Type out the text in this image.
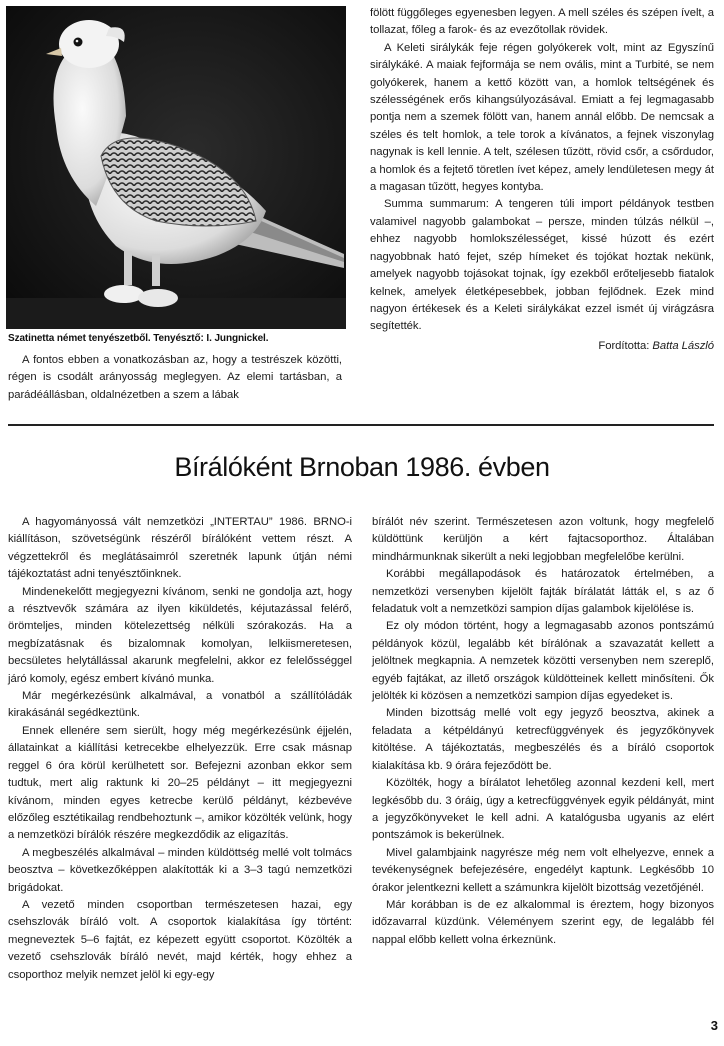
Szatinetta német tenyészetből. Tenyésztő: I. Jungnickel.

A fontos ebben a vonatkozásban az, hogy a testrészek közötti, régen is csodált arányosság meglegyen. Az elemi tartásban, a parádéállásban, oldalnézetben a szem a lábak

fölött függőleges egyenesben legyen. A mell széles és szépen ívelt, a tollazat, főleg a farok- és az evezőtollak rövidek.

A Keleti sirálykák feje régen golyókerek volt, mint az Egyszínű sirálykáké. A maiak fejformája se nem ovális, mint a Turbité, se nem golyókerek, hanem a kettő között van, a homlok teltségének és szélességének erős kihangsúlyozásával. Emiatt a fej legmagasabb pontja nem a szemek fölött van, hanem annál előbb. De nemcsak a széles és telt homlok, a tele torok a kívánatos, a fejnek viszonylag nagynak is kell lennie. A telt, szélesen tűzött, rövid csőr, a csőrdudor, a homlok és a fejtető töretlen ívet képez, amely lendületesen megy át a magasan tűzött, hegyes kontyba.

Summa summarum: A tengeren túli import példányok testben valamivel nagyobb galambokat – persze, minden túlzás nélkül –, ehhez nagyobb homlokszélességet, kissé húzott és ezért nagyobbnak ható fejet, szép hímeket és tojókat hoztak nekünk, amelyek nagyobb tojásokat tojnak, így ezekből erőteljesebb fiatalok kelnek, amelyek életképesebbek, jobban fejlődnek. Ezek mind nagyon értékesek és a Keleti sirálykákat ezzel ismét új virágzásra segítették.

Fordította: Batta László

Bírálóként Brnoban 1986. évben

A hagyományossá vált nemzetközi „INTERTAU” 1986. BRNO-i kiállításon, szövetségünk részéről bírálóként vettem részt. A végzettekről és meglátásaimról szeretnék lapunk útján némi tájékoztatást adni tenyésztőinknek.

Mindenekelőtt megjegyezni kívánom, senki ne gondolja azt, hogy a résztvevők számára az ilyen kiküldetés, kéjutazással felérő, örömteljes, minden kötelezettség nélküli szórakozás. Ha a megbízatásnak és bizalomnak komolyan, lelkiismeretesen, becsületes helytállással akarunk megfelelni, akkor ez felelősséggel járó komoly, egész embert kívánó munka.

Már megérkezésünk alkalmával, a vonatból a szállítóládák kirakásánál segédkeztünk.

Ennek ellenére sem sierült, hogy még megérkezésünk éjjelén, állatainkat a kiállítási ketrecekbe elhelyezzük. Erre csak másnap reggel 6 óra körül kerülhetett sor. Befejezni azonban ekkor sem tudtuk, mert alig raktunk ki 20–25 példányt – itt megjegyezni kívánom, minden egyes ketrecbe kerülő példányt, kézbevéve előzőleg esztétikailag rendbehoztunk –, amikor közölték velünk, hogy a nemzetközi bírálók részére megkezdődik az eligazítás.

A megbeszélés alkalmával – minden küldöttség mellé volt tolmács beosztva – következőképpen alakították ki a 3–3 tagú nemzetközi brigádokat.

A vezető minden csoportban természetesen hazai, egy csehszlovák bíráló volt. A csoportok kialakítása így történt: megneveztek 5–6 fajtát, ez képezett együtt csoportot. Közölték a vezető csehszlovák bíráló nevét, majd kérték, hogy ehhez a csoporthoz melyik nemzet jelöl ki egy-egy

bírálót név szerint. Természetesen azon voltunk, hogy megfelelő küldöttünk kerüljön a kért fajtacsoporthoz. Általában mindhármunknak sikerült a neki legjobban megfelelőbe kerülni.

Korábbi megállapodások és határozatok értelmében, a nemzetközi versenyben kijelölt fajták bírálatát látták el, s az ő feladatuk volt a nemzetközi sampion díjas galambok kijelölése is.

Ez oly módon történt, hogy a legmagasabb azonos pontszámú példányok közül, legalább két bírálónak a szavazatát kellett a jelöltnek megkapnia. A nemzetek közötti versenyben nem szereplő, egyéb fajtákat, az illető országok küldötteinek kellett minősíteni. Ők jelölték ki közösen a nemzetközi sampion díjas egyedeket is.

Minden bizottság mellé volt egy jegyző beosztva, akinek a feladata a kétpéldányú ketrecfüggvények és jegyzőkönyvek kitöltése. A tájékoztatás, megbeszélés és a bíráló csoportok kialakítása kb. 9 órára fejeződött be.

Közölték, hogy a bírálatot lehetőleg azonnal kezdeni kell, mert legkésőbb du. 3 óráig, úgy a ketrecfüggvények egyik példányát, mint a jegyzőkönyveket le kell adni. A katalógusba ugyanis az elért pontszámok is bekerülnek.

Mivel galambjaink nagyrésze még nem volt elhelyezve, ennek a tevékenységnek befejezésére, engedélyt kaptunk. Legkésőbb 10 órakor jelentkezni kellett a számunkra kijelölt bizottság vezetőjénél.

Már korábban is de ez alkalommal is éreztem, hogy bizonyos időzavarral küzdünk. Véleményem szerint egy, de legalább fél nappal előbb kellett volna érkeznünk.

3
